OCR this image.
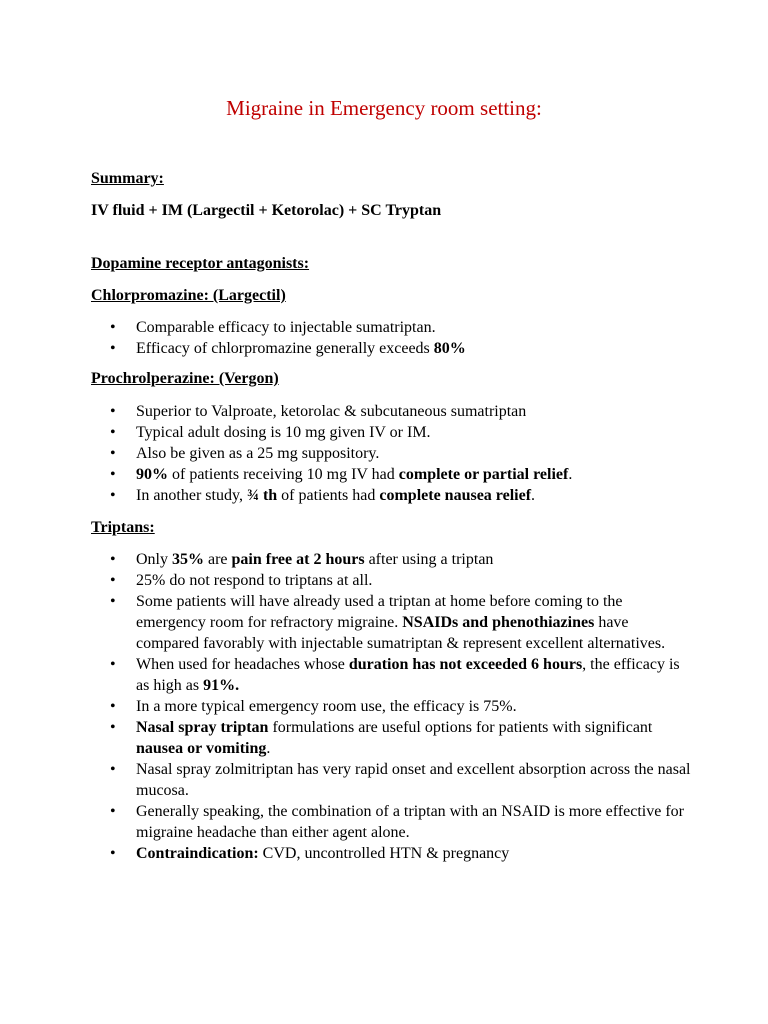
Migraine in Emergency room setting:

Summary:

IV fluid + IM (Largectil + Ketorolac) + SC Tryptan

Dopamine receptor antagonists:

Chlorpromazine: (Largectil)

• Comparable efficacy to injectable sumatriptan.
• Efficacy of chlorpromazine generally exceeds 80%

Prochrolperazine: (Vergon)

• Superior to Valproate, ketorolac & subcutaneous sumatriptan
• Typical adult dosing is 10 mg given IV or IM.
• Also be given as a 25 mg suppository.
• 90% of patients receiving 10 mg IV had complete or partial relief.
• In another study, ¾ th of patients had complete nausea relief.

Triptans:

• Only 35% are pain free at 2 hours after using a triptan
• 25% do not respond to triptans at all.
• Some patients will have already used a triptan at home before coming to the emergency room for refractory migraine. NSAIDs and phenothiazines have compared favorably with injectable sumatriptan & represent excellent alternatives.
• When used for headaches whose duration has not exceeded 6 hours, the efficacy is as high as 91%.
• In a more typical emergency room use, the efficacy is 75%.
• Nasal spray triptan formulations are useful options for patients with significant nausea or vomiting.
• Nasal spray zolmitriptan has very rapid onset and excellent absorption across the nasal mucosa.
• Generally speaking, the combination of a triptan with an NSAID is more effective for migraine headache than either agent alone.
• Contraindication: CVD, uncontrolled HTN & pregnancy
